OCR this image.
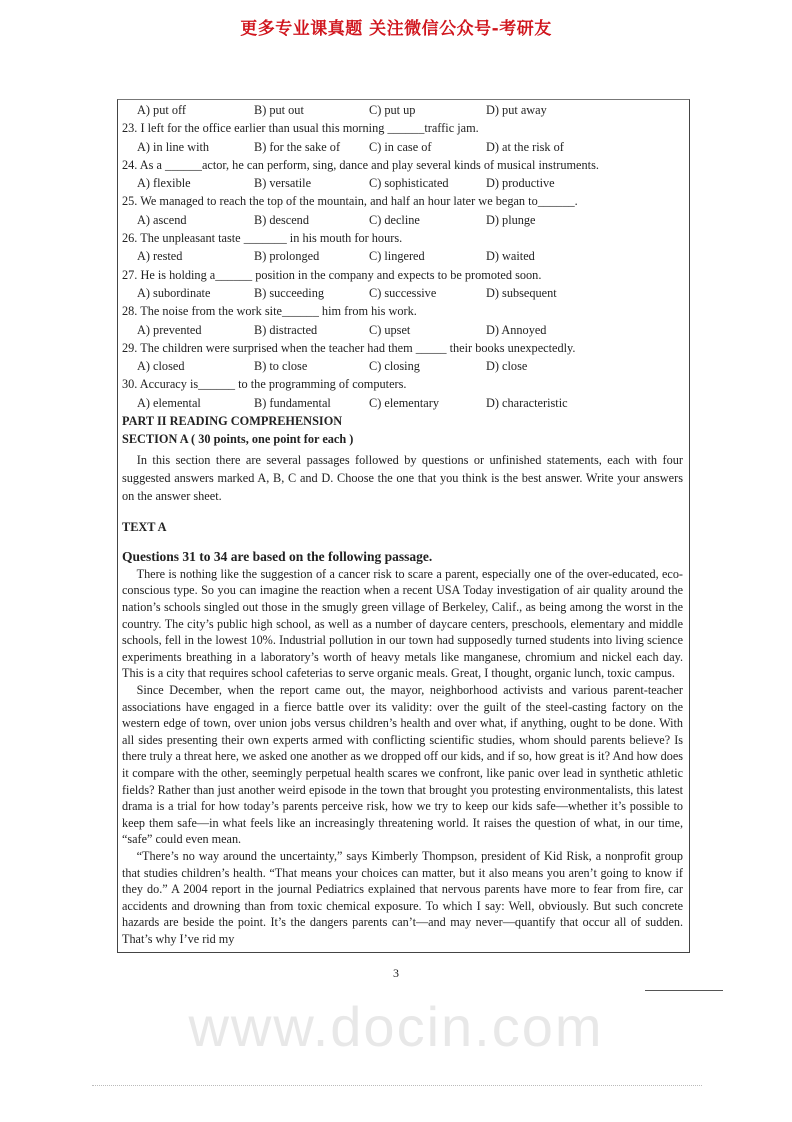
更多专业课真题 关注微信公众号-考研友
A) put off	B) put out	C) put up	D) put away
23. I left for the office earlier than usual this morning ______traffic jam.
A) in line with	B) for the sake of	C) in case of	D) at the risk of
24. As a ______actor, he can perform, sing, dance and play several kinds of musical instruments.
A) flexible	B) versatile	C) sophisticated	D) productive
25. We managed to reach the top of the mountain, and half an hour later we began to______.
A) ascend	B) descend	C) decline	D) plunge
26. The unpleasant taste _______ in his mouth for hours.
A) rested	B) prolonged	C) lingered	D) waited
27. He is holding a______ position in the company and expects to be promoted soon.
A) subordinate	B) succeeding	C) successive	D) subsequent
28. The noise from the work site______ him from his work.
A) prevented	B) distracted	C) upset	D) Annoyed
29. The children were surprised when the teacher had them _____ their books unexpectedly.
A) closed	B) to close	C) closing	D) close
30. Accuracy is______ to the programming of computers.
A) elemental	B) fundamental	C) elementary	D) characteristic
PART II READING COMPREHENSION
SECTION A ( 30 points, one point for each )
In this section there are several passages followed by questions or unfinished statements, each with four suggested answers marked A, B, C and D. Choose the one that you think is the best answer. Write your answers on the answer sheet.
TEXT A
Questions 31 to 34 are based on the following passage.
There is nothing like the suggestion of a cancer risk to scare a parent, especially one of the over-educated, eco-conscious type. So you can imagine the reaction when a recent USA Today investigation of air quality around the nation’s schools singled out those in the smugly green village of Berkeley, Calif., as being among the worst in the country. The city’s public high school, as well as a number of daycare centers, preschools, elementary and middle schools, fell in the lowest 10%. Industrial pollution in our town had supposedly turned students into living science experiments breathing in a laboratory’s worth of heavy metals like manganese, chromium and nickel each day. This is a city that requires school cafeterias to serve organic meals. Great, I thought, organic lunch, toxic campus.
Since December, when the report came out, the mayor, neighborhood activists and various parent-teacher associations have engaged in a fierce battle over its validity: over the guilt of the steel-casting factory on the western edge of town, over union jobs versus children’s health and over what, if anything, ought to be done. With all sides presenting their own experts armed with conflicting scientific studies, whom should parents believe? Is there truly a threat here, we asked one another as we dropped off our kids, and if so, how great is it? And how does it compare with the other, seemingly perpetual health scares we confront, like panic over lead in synthetic athletic fields? Rather than just another weird episode in the town that brought you protesting environmentalists, this latest drama is a trial for how today’s parents perceive risk, how we try to keep our kids safe—whether it’s possible to keep them safe—in what feels like an increasingly threatening world. It raises the question of what, in our time, “safe” could even mean.
“There’s no way around the uncertainty,” says Kimberly Thompson, president of Kid Risk, a nonprofit group that studies children’s health. “That means your choices can matter, but it also means you aren’t going to know if they do.” A 2004 report in the journal Pediatrics explained that nervous parents have more to fear from fire, car accidents and drowning than from toxic chemical exposure. To which I say: Well, obviously. But such concrete hazards are beside the point. It’s the dangers parents can’t—and may never—quantify that occur all of sudden. That’s why I’ve rid my
3
www.docin.com
